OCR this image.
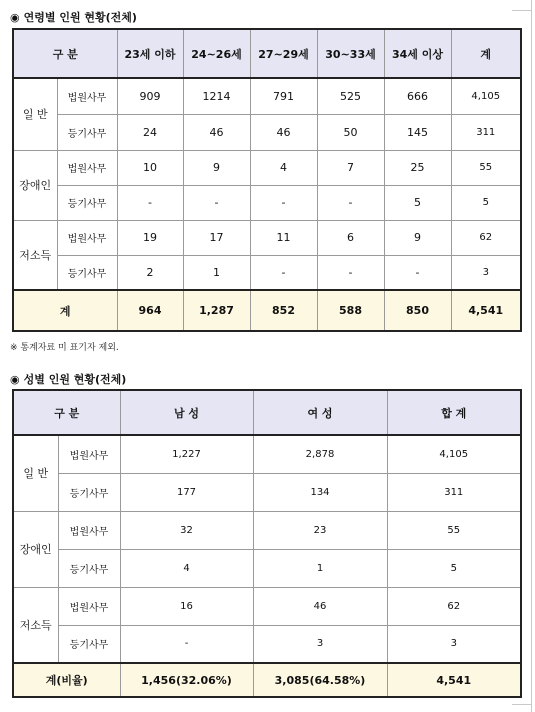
◉ 연령별 인원 현황(전체)
구 분		23세 이하	24~26세	27~29세	30~33세	34세 이상	계
일 반	법원사무	909	1214	791	525	666	4,105
	등기사무	24	46	46	50	145	311
장애인	법원사무	10	9	4	7	25	55
	등기사무	-	-	-	-	5	5
저소득	법원사무	19	17	11	6	9	62
	등기사무	2	1	-	-	-	3
계		964	1,287	852	588	850	4,541
※ 통계자료 미 표기자 제외.
◉ 성별 인원 현황(전체)
구 분		남 성	여 성	합 계
일 반	법원사무	1,227	2,878	4,105
	등기사무	177	134	311
장애인	법원사무	32	23	55
	등기사무	4	1	5
저소득	법원사무	16	46	62
	등기사무	-	3	3
계(비율)		1,456(32.06%)	3,085(64.58%)	4,541
